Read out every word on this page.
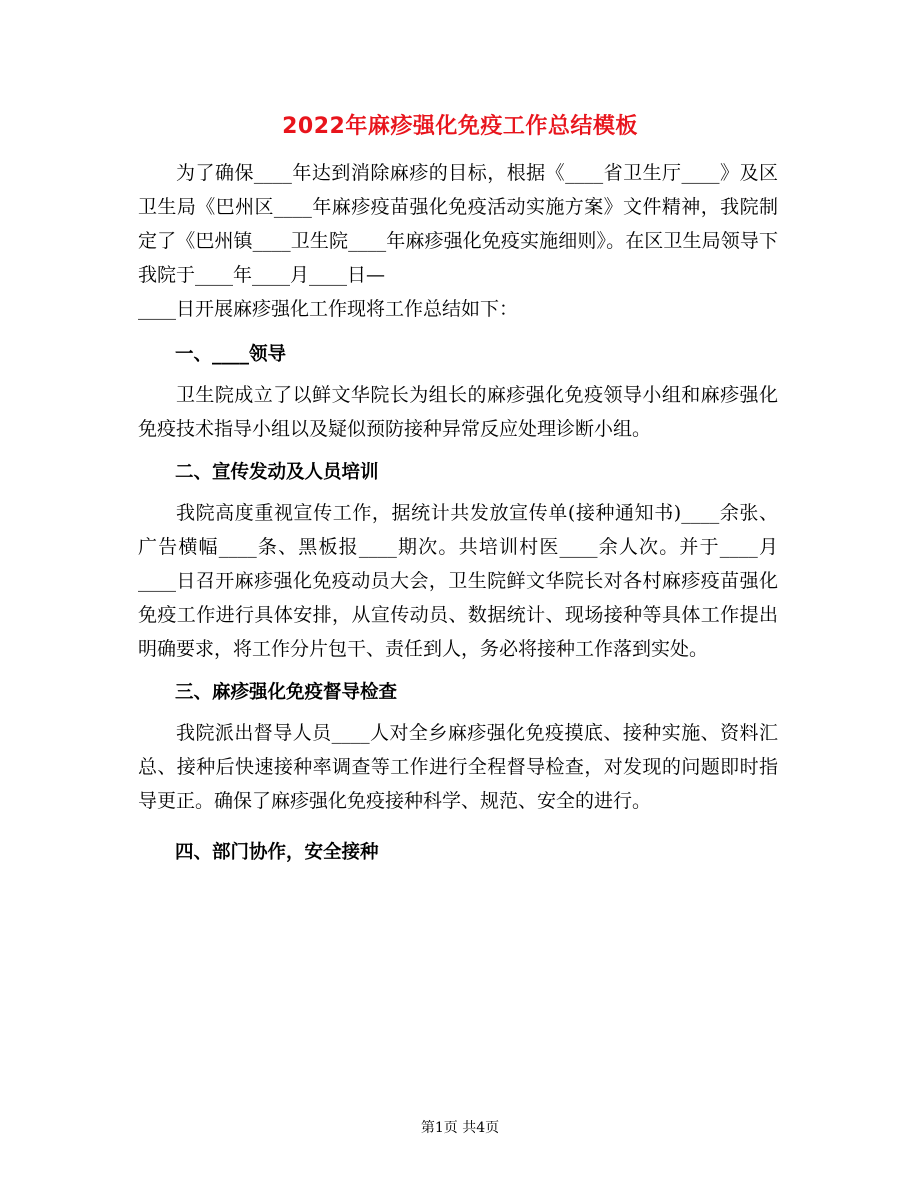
2022年麻疹强化免疫工作总结模板

为了确保____年达到消除麻疹的目标，根据《____省卫生厅____》及区卫生局《巴州区____年麻疹疫苗强化免疫活动实施方案》文件精神，我院制定了《巴州镇____卫生院____年麻疹强化免疫实施细则》。在区卫生局领导下我院于____年____月____日—

____日开展麻疹强化工作现将工作总结如下：

一、____领导

卫生院成立了以鲜文华院长为组长的麻疹强化免疫领导小组和麻疹强化免疫技术指导小组以及疑似预防接种异常反应处理诊断小组。

二、宣传发动及人员培训

我院高度重视宣传工作，据统计共发放宣传单(接种通知书)____余张、广告横幅____条、黑板报____期次。共培训村医____余人次。并于____月____日召开麻疹强化免疫动员大会，卫生院鲜文华院长对各村麻疹疫苗强化免疫工作进行具体安排，从宣传动员、数据统计、现场接种等具体工作提出明确要求，将工作分片包干、责任到人，务必将接种工作落到实处。

三、麻疹强化免疫督导检查

我院派出督导人员____人对全乡麻疹强化免疫摸底、接种实施、资料汇总、接种后快速接种率调查等工作进行全程督导检查，对发现的问题即时指导更正。确保了麻疹强化免疫接种科学、规范、安全的进行。

四、部门协作，安全接种

第1页 共4页
